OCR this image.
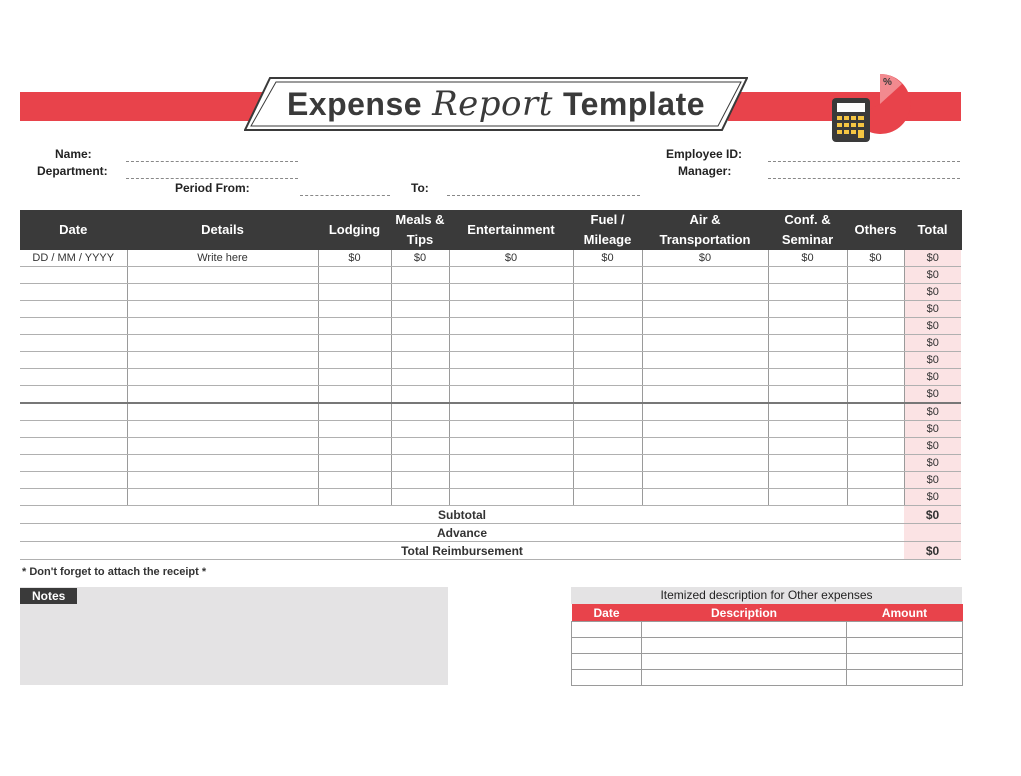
Expense Report Template
%
Name:
Department:
Period From:	To:
Employee ID:
Manager:
Date	Details	Lodging	Meals & Tips	Entertainment	Fuel / Mileage	Air & Transportation	Conf. & Seminar	Others	Total
DD / MM / YYYY	Write here	$0	$0	$0	$0	$0	$0	$0	$0
									$0
									$0
									$0
									$0
									$0
									$0
									$0
									$0
									$0
									$0
									$0
									$0
									$0
									$0
Subtotal									$0
Advance									
Total Reimbursement									$0
* Don't forget to attach the receipt *
Notes	Itemized description for Other expenses
Date	Description	Amount
